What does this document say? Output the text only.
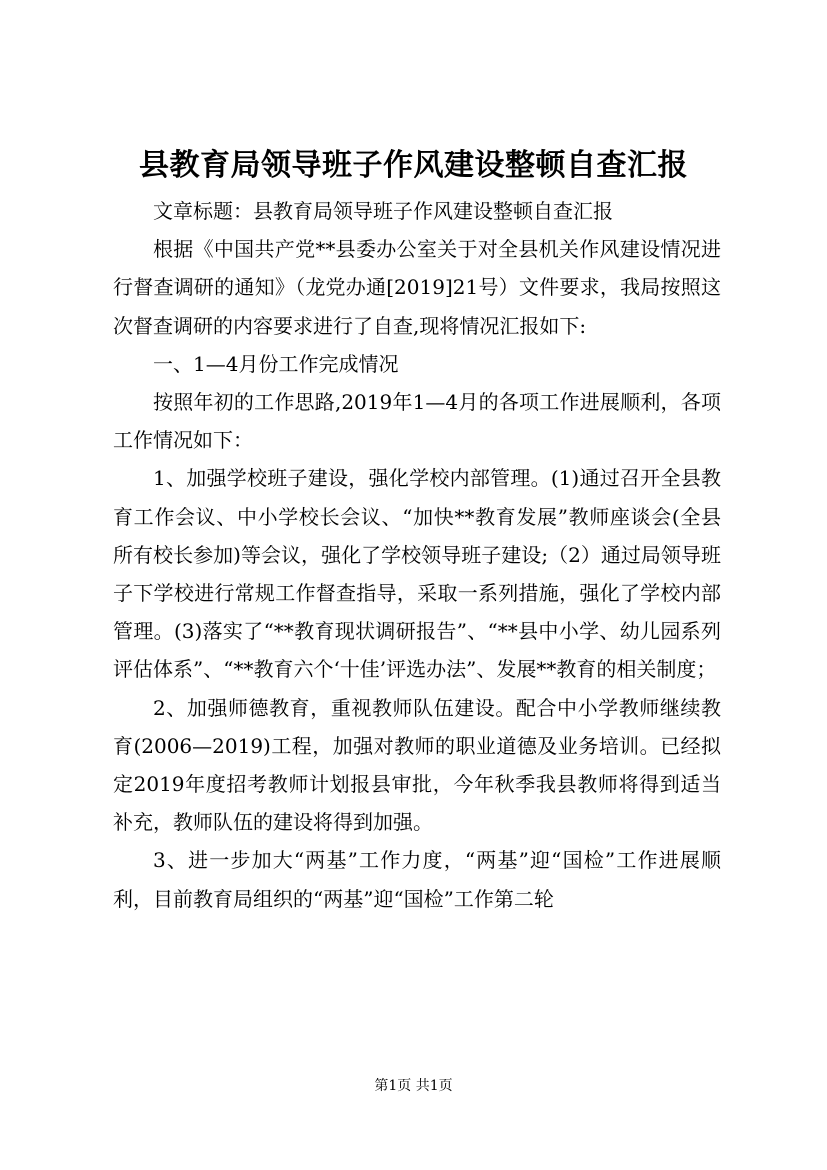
县教育局领导班子作风建设整顿自查汇报

文章标题：县教育局领导班子作风建设整顿自查汇报

根据《中国共产党**县委办公室关于对全县机关作风建设情况进行督查调研的通知》（龙党办通[2019]21号）文件要求，我局按照这次督查调研的内容要求进行了自查,现将情况汇报如下:

一、1—4月份工作完成情况

按照年初的工作思路,2019年1—4月的各项工作进展顺利，各项工作情况如下：

1、加强学校班子建设，强化学校内部管理。(1)通过召开全县教育工作会议、中小学校长会议、“加快**教育发展”教师座谈会(全县所有校长参加)等会议，强化了学校领导班子建设;（2）通过局领导班子下学校进行常规工作督查指导，采取一系列措施，强化了学校内部管理。(3)落实了“**教育现状调研报告”、“**县中小学、幼儿园系列评估体系”、“**教育六个‘十佳’评选办法”、发展**教育的相关制度；

2、加强师德教育，重视教师队伍建设。配合中小学教师继续教育(2006—2019)工程，加强对教师的职业道德及业务培训。已经拟定2019年度招考教师计划报县审批，今年秋季我县教师将得到适当补充，教师队伍的建设将得到加强。

3、进一步加大“两基”工作力度，“两基”迎“国检”工作进展顺利，目前教育局组织的“两基”迎“国检”工作第二轮

第1页 共1页
